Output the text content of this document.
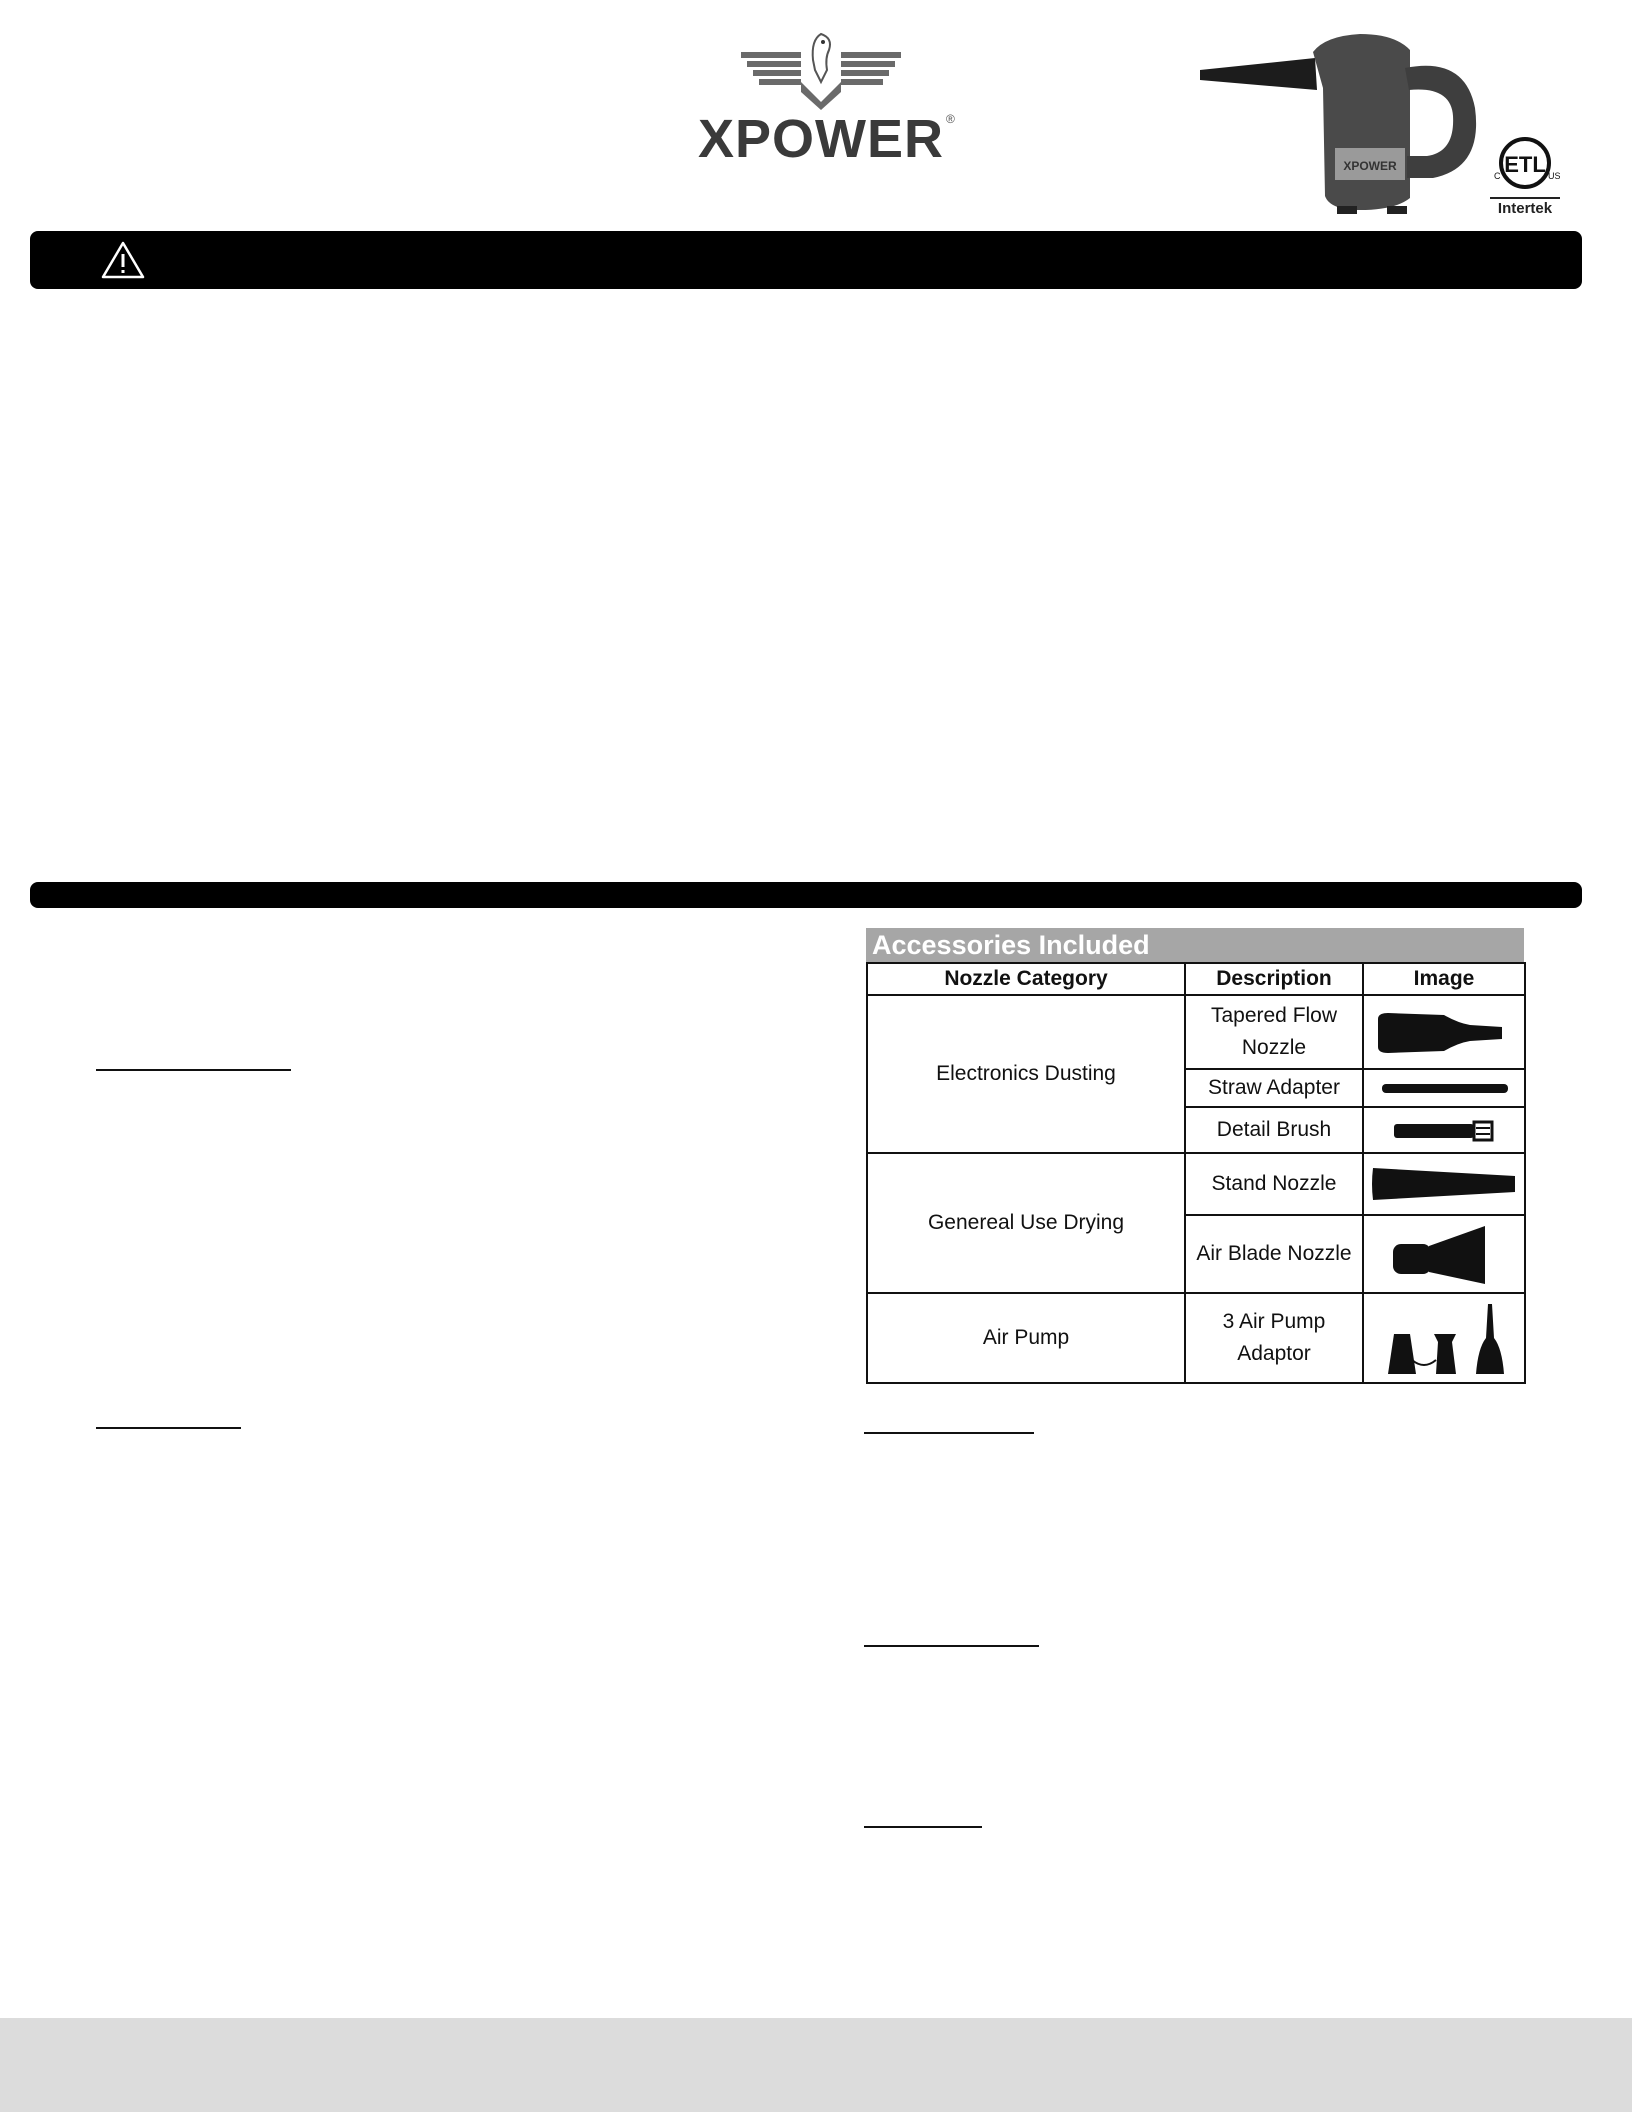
XPOWER ®
XPOWER	ETL
C	US
Intertek
Accessories Included
Nozzle Category	Description	Image
Electronics Dusting	Tapered Flow Nozzle	

	Straw Adapter	

	Detail Brush	

Genereal Use Drying	Stand Nozzle	

	Air Blade Nozzle	

Air Pump	3 Air Pump Adaptor	
